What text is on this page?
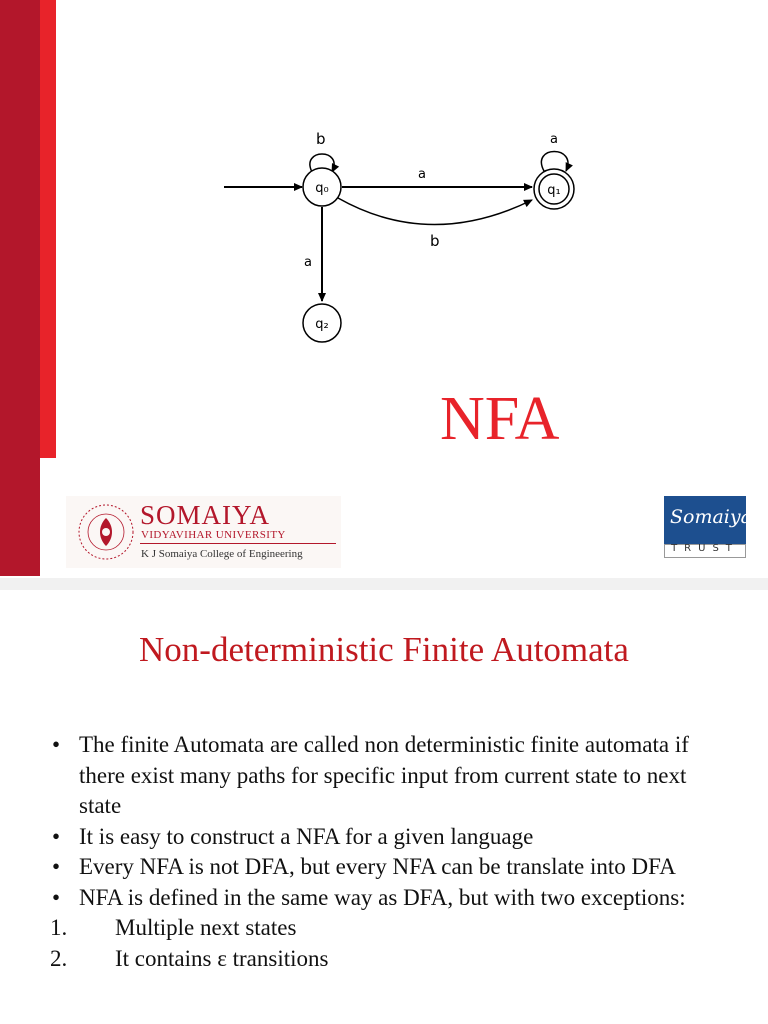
b
a
b
a
a
q₀	q₁
q₂
NFA
SOMAIYA
VIDYAVIHAR UNIVERSITY
K J Somaiya College of Engineering
Somaiya
TRUST
Non-deterministic Finite Automata
• The finite Automata are called non deterministic finite automata if there exist many paths for specific input from current state to next state
• It is easy to construct a NFA for a given language
• Every NFA is not DFA, but every NFA can be translate into DFA
• NFA is defined in the same way as DFA, but with two exceptions:
1. Multiple next states
2. It contains ε transitions
